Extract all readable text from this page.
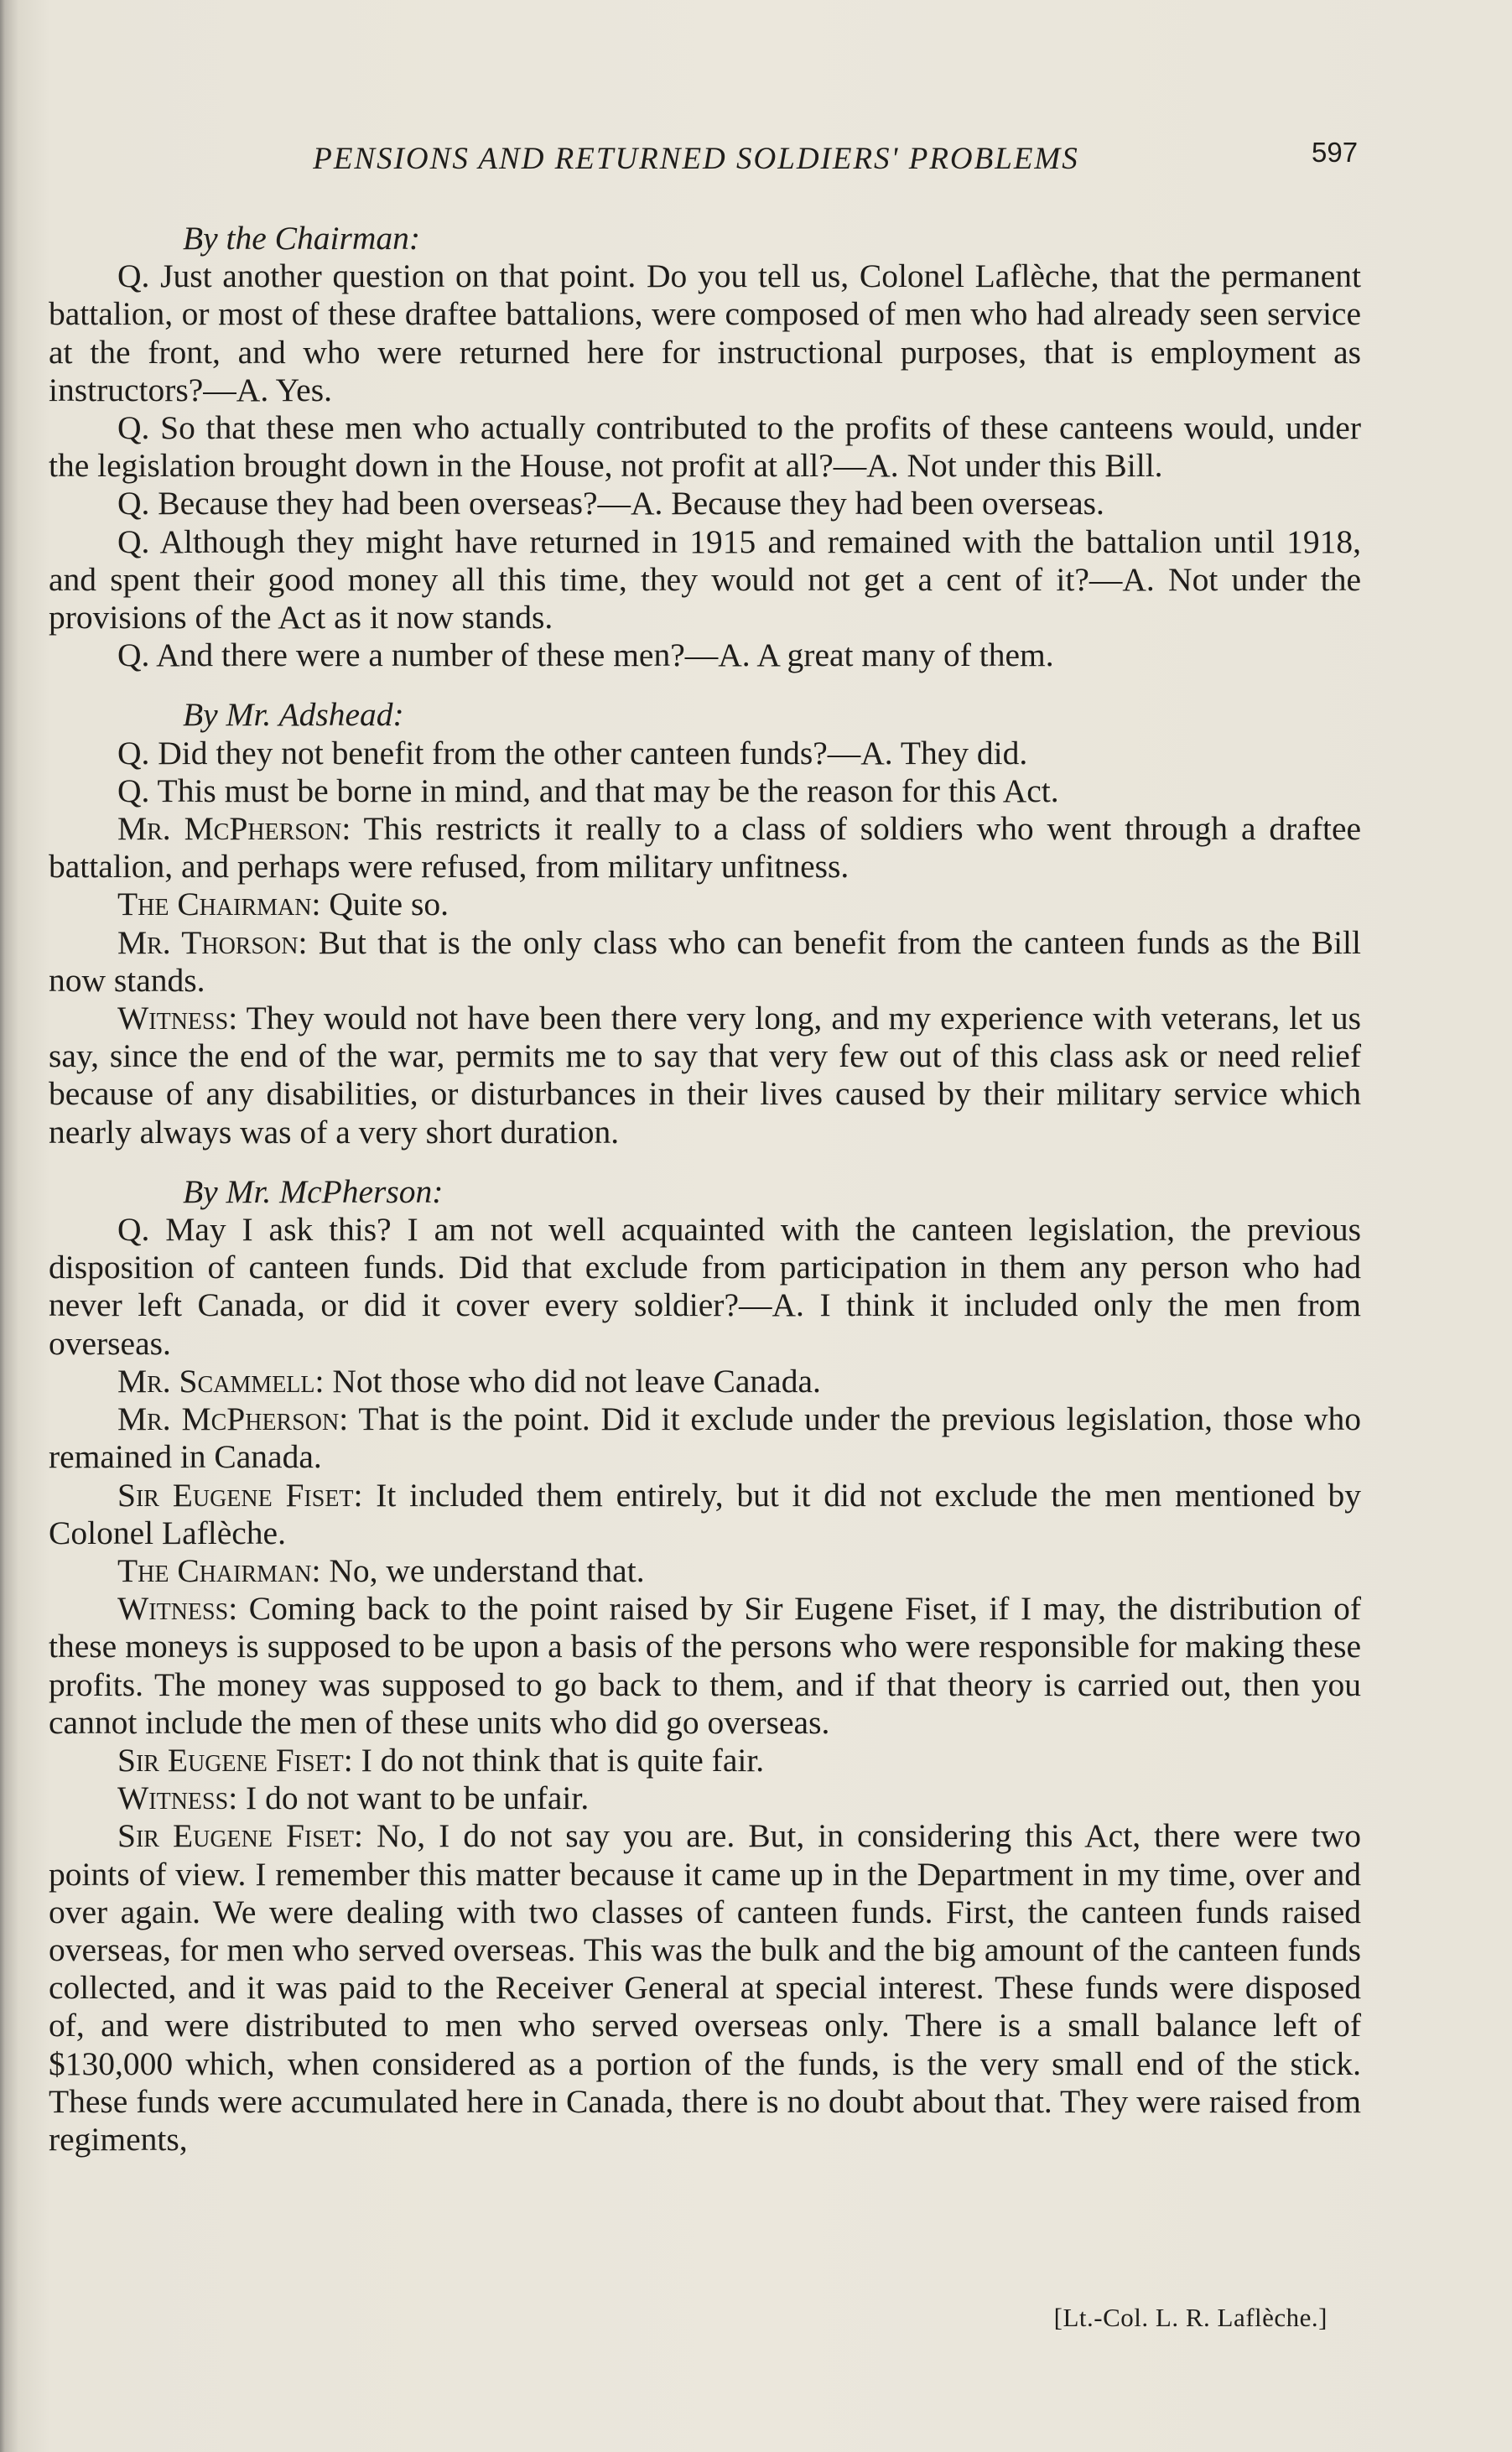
PENSIONS AND RETURNED SOLDIERS' PROBLEMS	597

By the Chairman:

Q. Just another question on that point. Do you tell us, Colonel Laflèche, that the permanent battalion, or most of these draftee battalions, were composed of men who had already seen service at the front, and who were returned here for instructional purposes, that is employment as instructors?—A. Yes.

Q. So that these men who actually contributed to the profits of these canteens would, under the legislation brought down in the House, not profit at all?—A. Not under this Bill.

Q. Because they had been overseas?—A. Because they had been overseas.

Q. Although they might have returned in 1915 and remained with the battalion until 1918, and spent their good money all this time, they would not get a cent of it?—A. Not under the provisions of the Act as it now stands.

Q. And there were a number of these men?—A. A great many of them.

By Mr. Adshead:

Q. Did they not benefit from the other canteen funds?—A. They did.

Q. This must be borne in mind, and that may be the reason for this Act.

Mr. McPherson: This restricts it really to a class of soldiers who went through a draftee battalion, and perhaps were refused, from military unfitness.

The Chairman: Quite so.

Mr. Thorson: But that is the only class who can benefit from the canteen funds as the Bill now stands.

Witness: They would not have been there very long, and my experience with veterans, let us say, since the end of the war, permits me to say that very few out of this class ask or need relief because of any disabilities, or disturbances in their lives caused by their military service which nearly always was of a very short duration.

By Mr. McPherson:

Q. May I ask this? I am not well acquainted with the canteen legislation, the previous disposition of canteen funds. Did that exclude from participation in them any person who had never left Canada, or did it cover every soldier?—A. I think it included only the men from overseas.

Mr. Scammell: Not those who did not leave Canada.

Mr. McPherson: That is the point. Did it exclude under the previous legislation, those who remained in Canada.

Sir Eugene Fiset: It included them entirely, but it did not exclude the men mentioned by Colonel Laflèche.

The Chairman: No, we understand that.

Witness: Coming back to the point raised by Sir Eugene Fiset, if I may, the distribution of these moneys is supposed to be upon a basis of the persons who were responsible for making these profits. The money was supposed to go back to them, and if that theory is carried out, then you cannot include the men of these units who did go overseas.

Sir Eugene Fiset: I do not think that is quite fair.

Witness: I do not want to be unfair.

Sir Eugene Fiset: No, I do not say you are. But, in considering this Act, there were two points of view. I remember this matter because it came up in the Department in my time, over and over again. We were dealing with two classes of canteen funds. First, the canteen funds raised overseas, for men who served overseas. This was the bulk and the big amount of the canteen funds collected, and it was paid to the Receiver General at special interest. These funds were disposed of, and were distributed to men who served overseas only. There is a small balance left of $130,000 which, when considered as a portion of the funds, is the very small end of the stick. These funds were accumulated here in Canada, there is no doubt about that. They were raised from regiments,

[Lt.-Col. L. R. Laflèche.]
